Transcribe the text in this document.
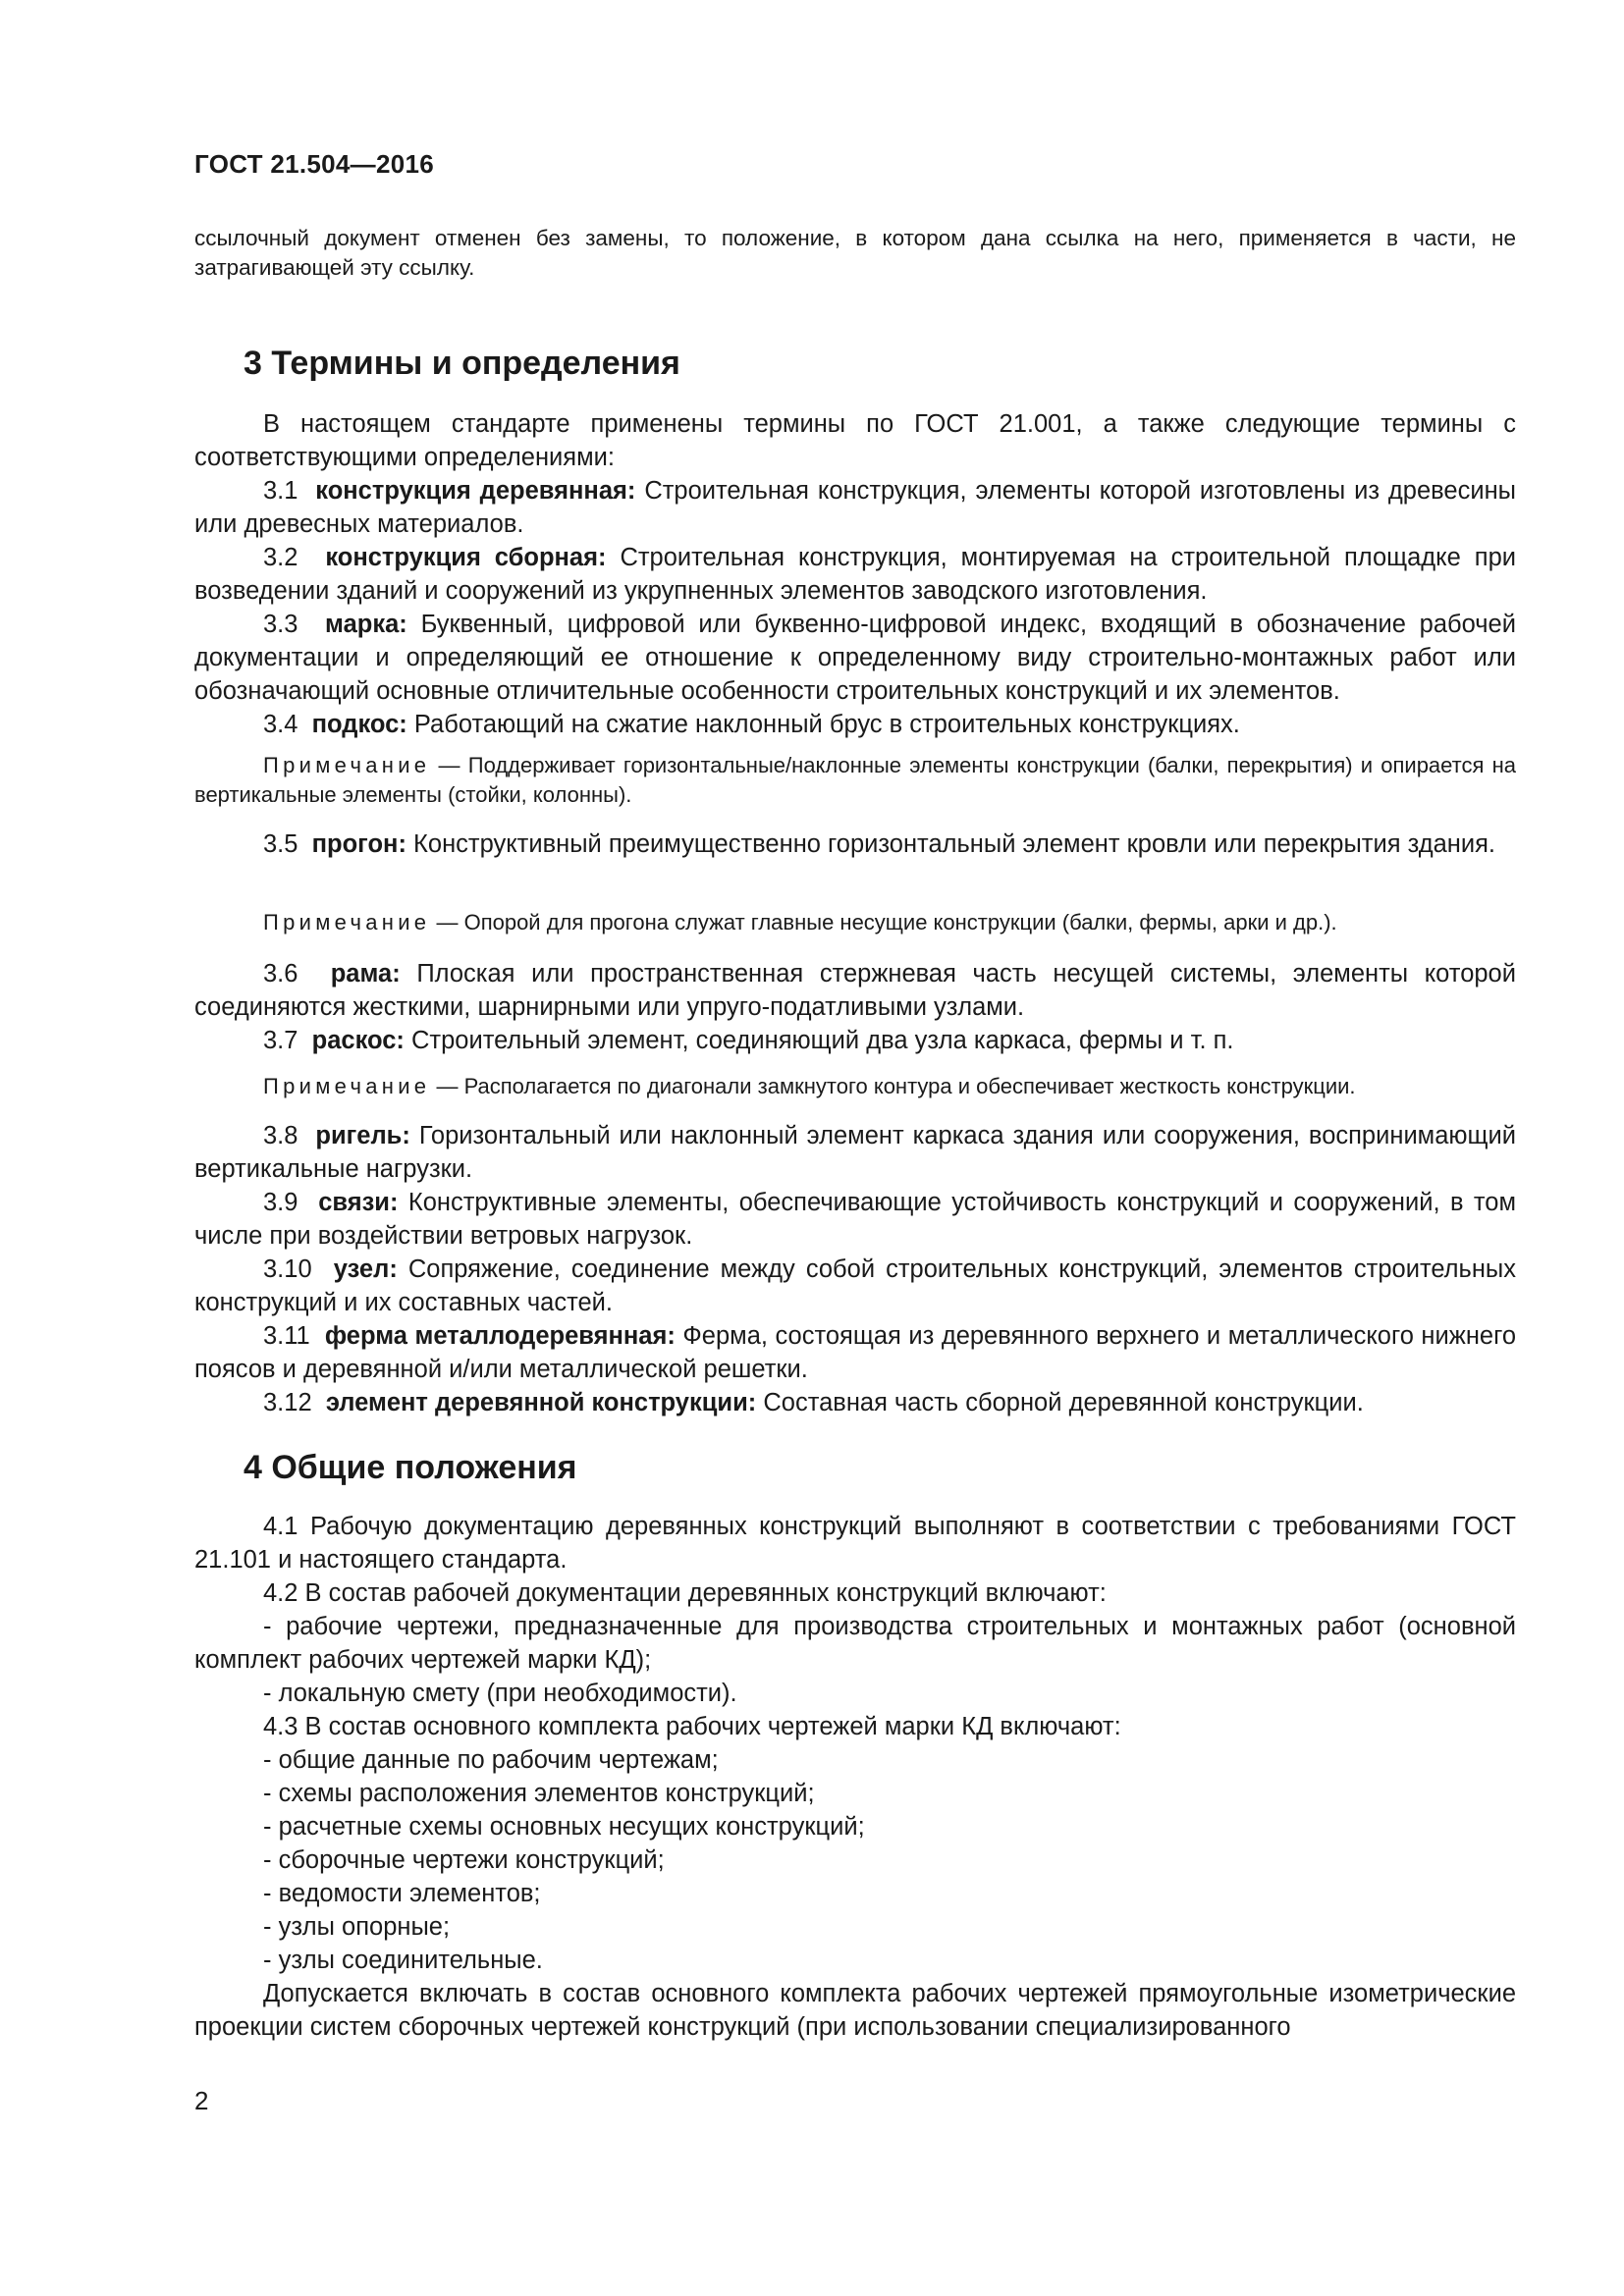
ГОСТ 21.504—2016

ссылочный документ отменен без замены, то положение, в котором дана ссылка на него, применяется в части, не затрагивающей эту ссылку.

3 Термины и определения

В настоящем стандарте применены термины по ГОСТ 21.001, а также следующие термины с соответствующими определениями:

3.1 конструкция деревянная: Строительная конструкция, элементы которой изготовлены из древесины или древесных материалов.

3.2 конструкция сборная: Строительная конструкция, монтируемая на строительной площадке при возведении зданий и сооружений из укрупненных элементов заводского изготовления.

3.3 марка: Буквенный, цифровой или буквенно-цифровой индекс, входящий в обозначение рабочей документации и определяющий ее отношение к определенному виду строительно-монтажных работ или обозначающий основные отличительные особенности строительных конструкций и их элементов.

3.4 подкос: Работающий на сжатие наклонный брус в строительных конструкциях.

Примечание — Поддерживает горизонтальные/наклонные элементы конструкции (балки, перекрытия) и опирается на вертикальные элементы (стойки, колонны).

3.5 прогон: Конструктивный преимущественно горизонтальный элемент кровли или перекрытия здания.

Примечание — Опорой для прогона служат главные несущие конструкции (балки, фермы, арки и др.).

3.6 рама: Плоская или пространственная стержневая часть несущей системы, элементы которой соединяются жесткими, шарнирными или упруго-податливыми узлами.

3.7 раскос: Строительный элемент, соединяющий два узла каркаса, фермы и т. п.

Примечание — Располагается по диагонали замкнутого контура и обеспечивает жесткость конструкции.

3.8 ригель: Горизонтальный или наклонный элемент каркаса здания или сооружения, воспринимающий вертикальные нагрузки.

3.9 связи: Конструктивные элементы, обеспечивающие устойчивость конструкций и сооружений, в том числе при воздействии ветровых нагрузок.

3.10 узел: Сопряжение, соединение между собой строительных конструкций, элементов строительных конструкций и их составных частей.

3.11 ферма металлодеревянная: Ферма, состоящая из деревянного верхнего и металлического нижнего поясов и деревянной и/или металлической решетки.

3.12 элемент деревянной конструкции: Составная часть сборной деревянной конструкции.

4 Общие положения

4.1 Рабочую документацию деревянных конструкций выполняют в соответствии с требованиями ГОСТ 21.101 и настоящего стандарта.

4.2 В состав рабочей документации деревянных конструкций включают:

- рабочие чертежи, предназначенные для производства строительных и монтажных работ (основной комплект рабочих чертежей марки КД);

- локальную смету (при необходимости).

4.3 В состав основного комплекта рабочих чертежей марки КД включают:

- общие данные по рабочим чертежам;

- схемы расположения элементов конструкций;

- расчетные схемы основных несущих конструкций;

- сборочные чертежи конструкций;

- ведомости элементов;

- узлы опорные;

- узлы соединительные.

Допускается включать в состав основного комплекта рабочих чертежей прямоугольные изометрические проекции систем сборочных чертежей конструкций (при использовании специализированного

2
